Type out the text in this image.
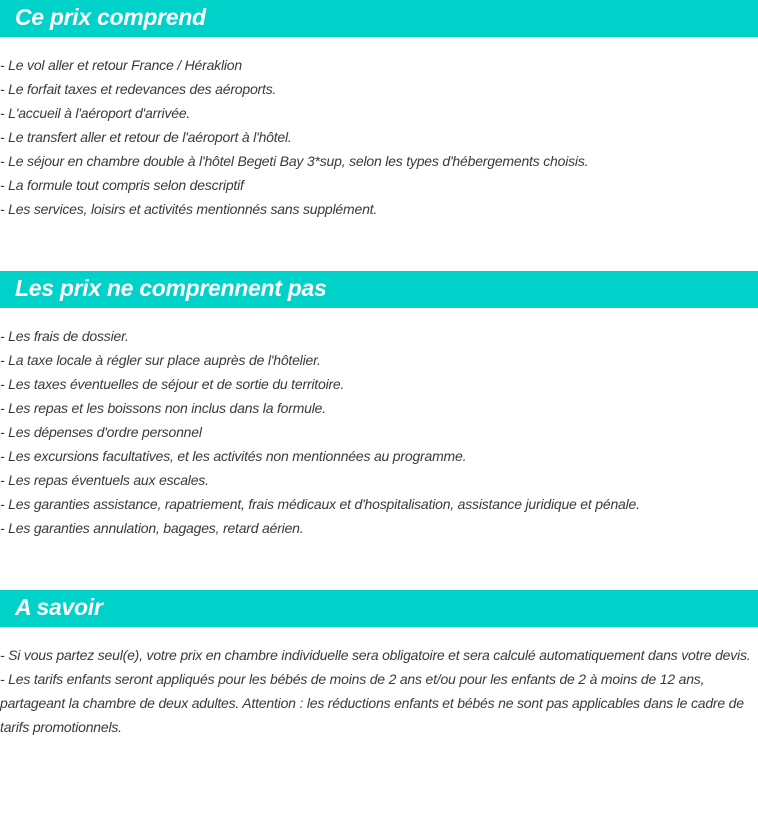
Ce prix comprend
- Le vol aller et retour France / Héraklion
- Le forfait taxes et redevances des aéroports.
- L'accueil à l'aéroport d'arrivée.
- Le transfert aller et retour de l'aéroport à l'hôtel.
- Le séjour en chambre double à l'hôtel Begeti Bay 3*sup, selon les types d'hébergements choisis.
- La formule tout compris selon descriptif
- Les services, loisirs et activités mentionnés sans supplément.
Les prix ne comprennent pas
- Les frais de dossier.
- La taxe locale à régler sur place auprès de l'hôtelier.
- Les taxes éventuelles de séjour et de sortie du territoire.
- Les repas et les boissons non inclus dans la formule.
- Les dépenses d'ordre personnel
- Les excursions facultatives, et les activités non mentionnées au programme.
- Les repas éventuels aux escales.
- Les garanties assistance, rapatriement, frais médicaux et d'hospitalisation, assistance juridique et pénale.
- Les garanties annulation, bagages, retard aérien.
A savoir

- Si vous partez seul(e), votre prix en chambre individuelle sera obligatoire et sera calculé automatiquement dans votre devis.

- Les tarifs enfants seront appliqués pour les bébés de moins de 2 ans et/ou pour les enfants de 2 à moins de 12 ans, partageant la chambre de deux adultes. Attention : les réductions enfants et bébés ne sont pas applicables dans le cadre de tarifs promotionnels.
